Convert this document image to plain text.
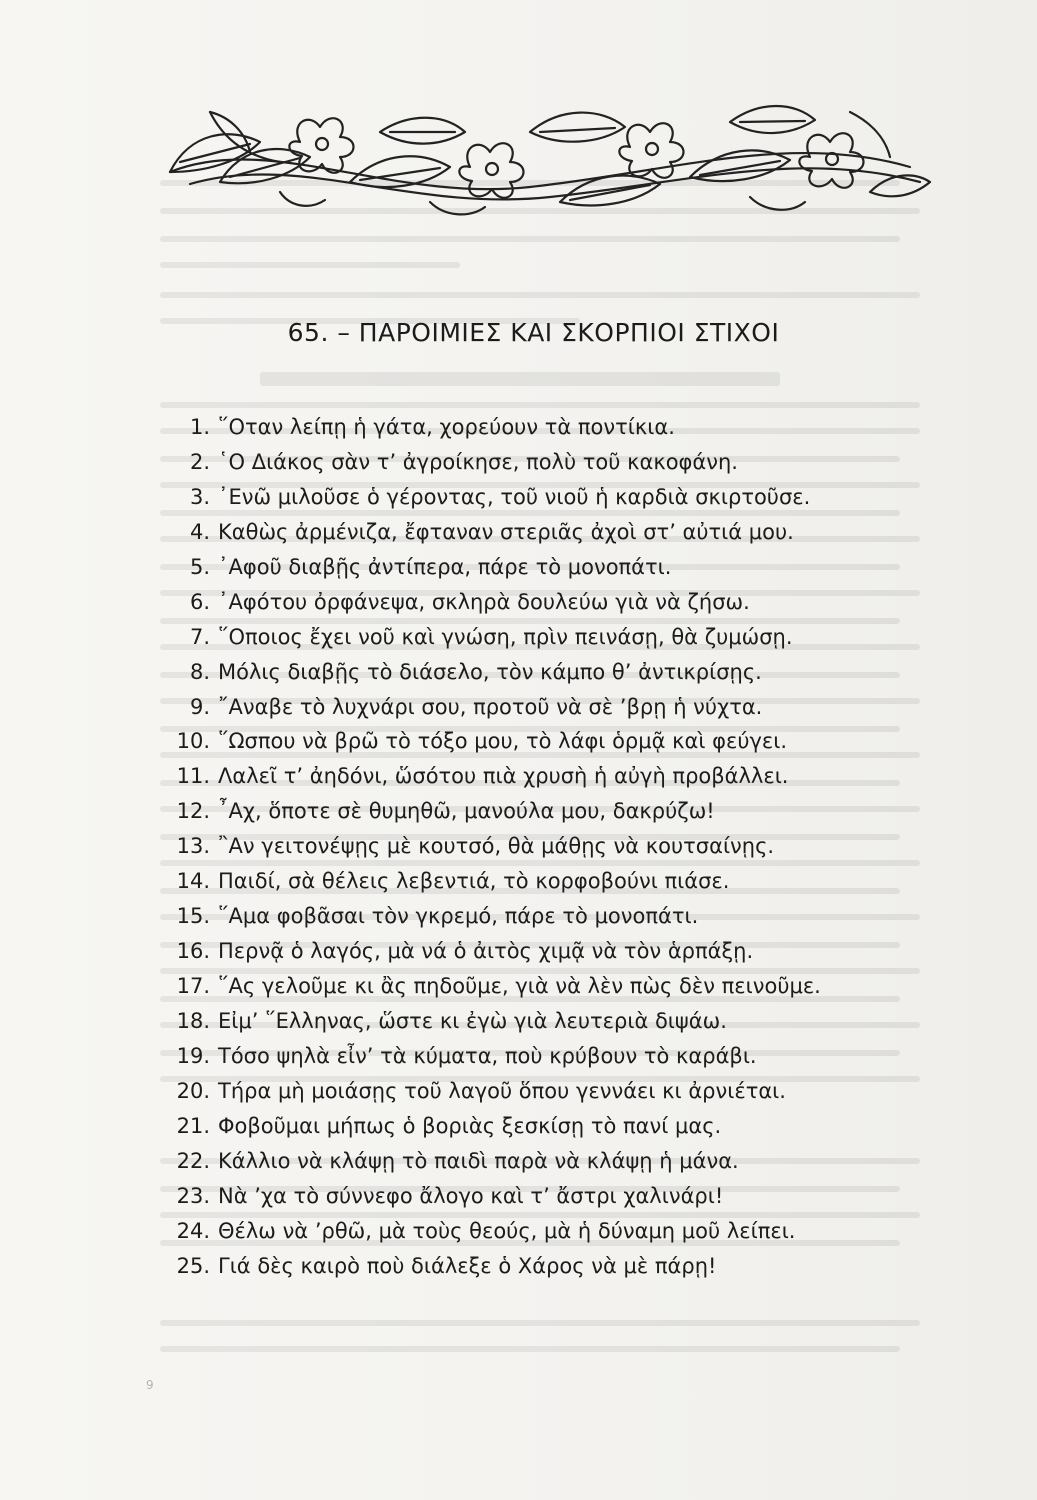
65. – ΠΑΡΟΙΜΙΕΣ ΚΑΙ ΣΚΟΡΠΙΟΙ ΣΤΙΧΟΙ
1. ῞Οταν λείπῃ ἡ γάτα, χορεύουν τὰ ποντίκια.
2. ῾Ο Διάκος σὰν τ’ ἀγροίκησε, πολὺ τοῦ κακοφάνη.
3. ᾿Ενῶ μιλοῦσε ὁ γέροντας, τοῦ νιοῦ ἡ καρδιὰ σκιρτοῦσε.
4. Καθὼς ἀρμένιζα, ἔφταναν στεριᾶς ἀχοὶ στ’ αὐτιά μου.
5. ᾿Αφοῦ διαβῇς ἀντίπερα, πάρε τὸ μονοπάτι.
6. ᾿Αφότου ὀρφάνεψα, σκληρὰ δουλεύω γιὰ νὰ ζήσω.
7. ῞Οποιος ἔχει νοῦ καὶ γνώση, πρὶν πεινάσῃ, θὰ ζυμώσῃ.
8. Μόλις διαβῇς τὸ διάσελο, τὸν κάμπο θ’ ἀντικρίσῃς.
9. ῎Αναβε τὸ λυχνάρι σου, προτοῦ νὰ σὲ ’βρῃ ἡ νύχτα.
10. ῞Ωσπου νὰ βρῶ τὸ τόξο μου, τὸ λάφι ὁρμᾷ καὶ φεύγει.
11. Λαλεῖ τ’ ἀηδόνι, ὥσότου πιὰ χρυσὴ ἡ αὐγὴ προβάλλει.
12. ῏Αχ, ὅποτε σὲ θυμηθῶ, μανούλα μου, δακρύζω!
13. ῍Αν γειτονέψῃς μὲ κουτσό, θὰ μάθῃς νὰ κουτσαίνῃς.
14. Παιδί, σὰ θέλεις λεβεντιά, τὸ κορφοβούνι πιάσε.
15. ῞Αμα φοβᾶσαι τὸν γκρεμό, πάρε τὸ μονοπάτι.
16. Περνᾷ ὁ λαγός, μὰ νά ὁ ἀιτὸς χιμᾷ νὰ τὸν ἁρπάξῃ.
17. ῞Ας γελοῦμε κι ἂς πηδοῦμε, γιὰ νὰ λὲν πὼς δὲν πεινοῦμε.
18. Εἰμ’ ῞Ελληνας, ὥστε κι ἐγὼ γιὰ λευτεριὰ διψάω.
19. Τόσο ψηλὰ εἶν’ τὰ κύματα, ποὺ κρύβουν τὸ καράβι.
20. Τήρα μὴ μοιάσῃς τοῦ λαγοῦ ὅπου γεννάει κι ἀρνιέται.
21. Φοβοῦμαι μήπως ὁ βοριὰς ξεσκίσῃ τὸ πανί μας.
22. Κάλλιο νὰ κλάψῃ τὸ παιδὶ παρὰ νὰ κλάψῃ ἡ μάνα.
23. Νὰ ’χα τὸ σύννεφο ἄλογο καὶ τ’ ἄστρι χαλινάρι!
24. Θέλω νὰ ’ρθῶ, μὰ τοὺς θεούς, μὰ ἡ δύναμη μοῦ λείπει.
25. Γιά δὲς καιρὸ ποὺ διάλεξε ὁ Χάρος νὰ μὲ πάρῃ!
9
